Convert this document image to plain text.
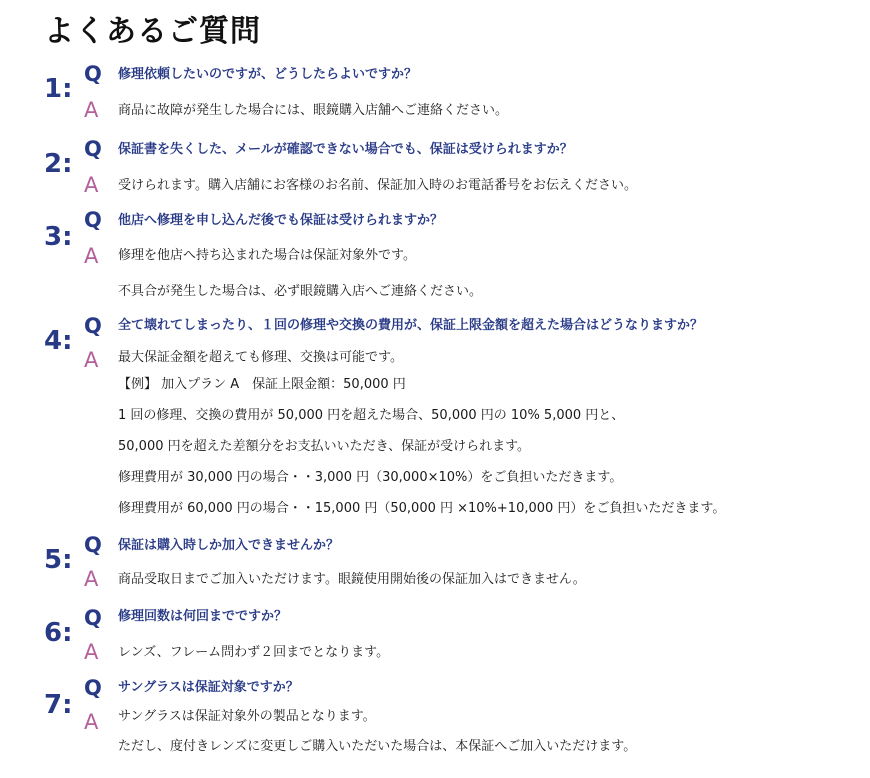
よくあるご質問
1: Q 修理依頼したいのですが、どうしたらよいですか？
A 商品に故障が発生した場合には、眼鏡購入店舗へご連絡ください。
2: Q 保証書を失くした、メールが確認できない場合でも、保証は受けられますか？
A 受けられます。購入店舗にお客様のお名前、保証加入時のお電話番号をお伝えください。
3:
Q 他店へ修理を申し込んだ後でも保証は受けられますか？
A 修理を他店へ持ち込まれた場合は保証対象外です。
不具合が発生した場合は、必ず眼鏡購入店へご連絡ください。
4: Q 全て壊れてしまったり、１回の修理や交換の費用が、保証上限金額を超えた場合はどうなりますか？
A 最大保証金額を超えても修理、交換は可能です。
【例】 加入プラン A　保証上限金額：50,000 円
1 回の修理、交換の費用が 50,000 円を超えた場合、50,000 円の 10% 5,000 円と、
50,000 円を超えた差額分をお支払いいただき、保証が受けられます。
修理費用が 30,000 円の場合・・3,000 円（30,000×10%）をご負担いただきます。
修理費用が 60,000 円の場合・・15,000 円（50,000 円 ×10%+10,000 円）をご負担いただきます。
5: Q 保証は購入時しか加入できませんか？
A 商品受取日までご加入いただけます。眼鏡使用開始後の保証加入はできません。
6: Q 修理回数は何回までですか？
A レンズ、フレーム問わず２回までとなります。
7:
Q サングラスは保証対象ですか？
A サングラスは保証対象外の製品となります。
ただし、度付きレンズに変更しご購入いただいた場合は、本保証へご加入いただけます。
